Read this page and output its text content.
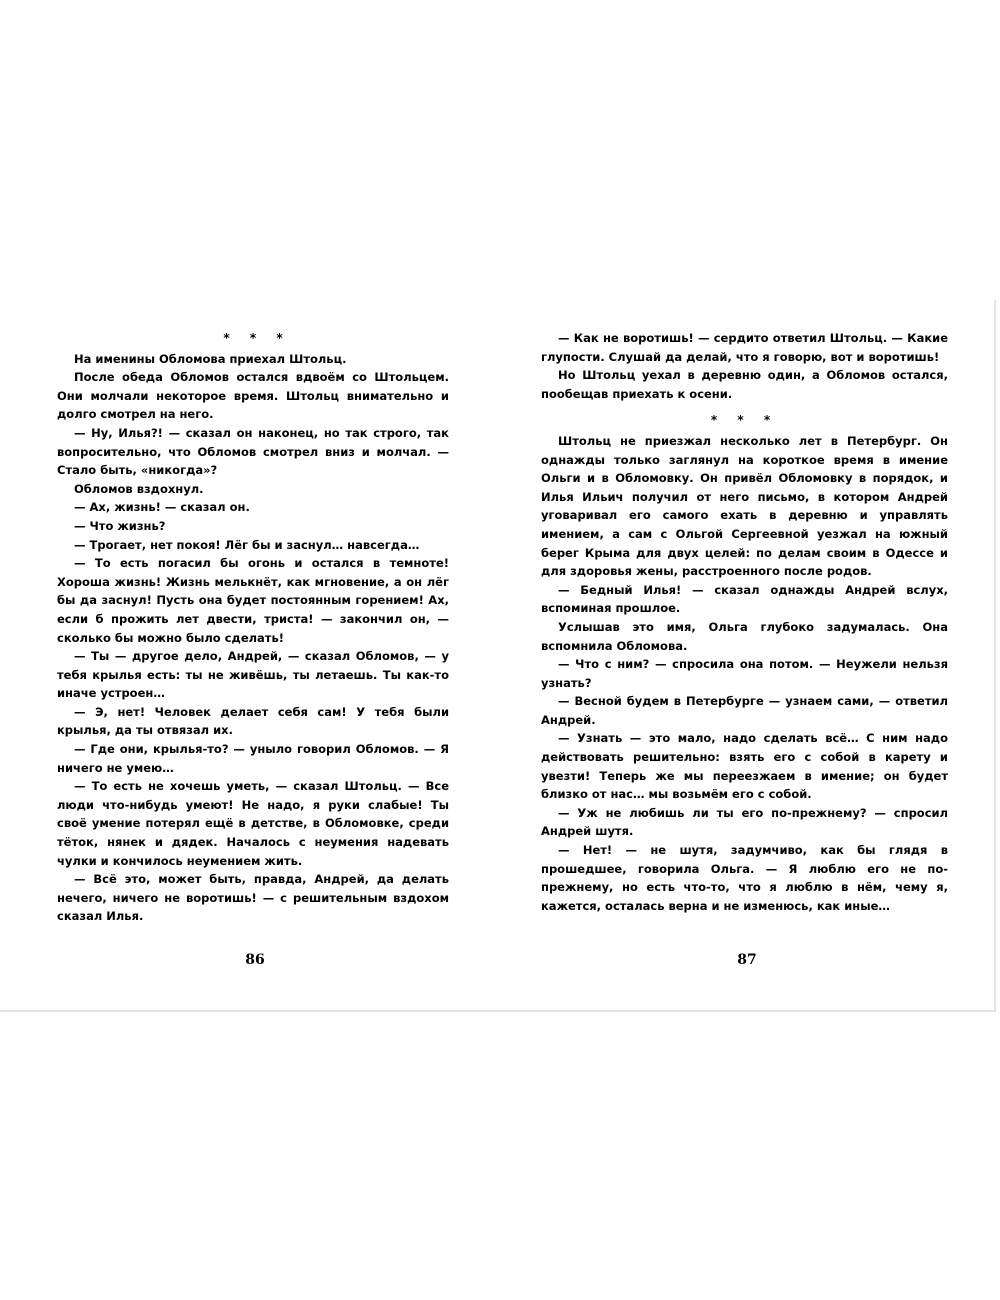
* * *

На именины Обломова приехал Штольц.

После обеда Обломов остался вдвоём со Штольцем. Они молчали некоторое время. Штольц внимательно и долго смотрел на него.

— Ну, Илья?! — сказал он наконец, но так строго, так вопросительно, что Обломов смотрел вниз и молчал. — Стало быть, «никогда»?

Обломов вздохнул.

— Ах, жизнь! — сказал он.

— Что жизнь?

— Трогает, нет покоя! Лёг бы и заснул… навсегда…

— То есть погасил бы огонь и остался в темноте! Хороша жизнь! Жизнь мелькнёт, как мгновение, а он лёг бы да заснул! Пусть она будет постоянным горением! Ах, если б прожить лет двести, триста! — закончил он, — сколько бы можно было сделать!

— Ты — другое дело, Андрей, — сказал Обломов, — у тебя крылья есть: ты не живёшь, ты летаешь. Ты как-то иначе устроен…

— Э, нет! Человек делает себя сам! У тебя были крылья, да ты отвязал их.

— Где они, крылья-то? — уныло говорил Обломов. — Я ничего не умею…

— То есть не хочешь уметь, — сказал Штольц. — Все люди что-нибудь умеют! Не надо, я руки слабые! Ты своё умение потерял ещё в детстве, в Обломовке, среди тёток, нянек и дядек. Началось с неумения надевать чулки и кончилось неумением жить.

— Всё это, может быть, правда, Андрей, да делать нечего, ничего не воротишь! — с решительным вздохом сказал Илья.

86

— Как не воротишь! — сердито ответил Штольц. — Какие глупости. Слушай да делай, что я говорю, вот и воротишь!

Но Штольц уехал в деревню один, а Обломов остался, пообещав приехать к осени.

* * *

Штольц не приезжал несколько лет в Петербург. Он однажды только заглянул на короткое время в имение Ольги и в Обломовку. Он привёл Обломовку в порядок, и Илья Ильич получил от него письмо, в котором Андрей уговаривал его самого ехать в деревню и управлять имением, а сам с Ольгой Сергеевной уезжал на южный берег Крыма для двух целей: по делам своим в Одессе и для здоровья жены, расстроенного после родов.

— Бедный Илья! — сказал однажды Андрей вслух, вспоминая прошлое.

Услышав это имя, Ольга глубоко задумалась. Она вспомнила Обломова.

— Что с ним? — спросила она потом. — Неужели нельзя узнать?

— Весной будем в Петербурге — узнаем сами, — ответил Андрей.

— Узнать — это мало, надо сделать всё… С ним надо действовать решительно: взять его с собой в карету и увезти! Теперь же мы переезжаем в имение; он будет близко от нас… мы возьмём его с собой.

— Уж не любишь ли ты его по-прежнему? — спросил Андрей шутя.

— Нет! — не шутя, задумчиво, как бы глядя в прошедшее, говорила Ольга. — Я люблю его не по-прежнему, но есть что-то, что я люблю в нём, чему я, кажется, осталась верна и не изменюсь, как иные…

87
